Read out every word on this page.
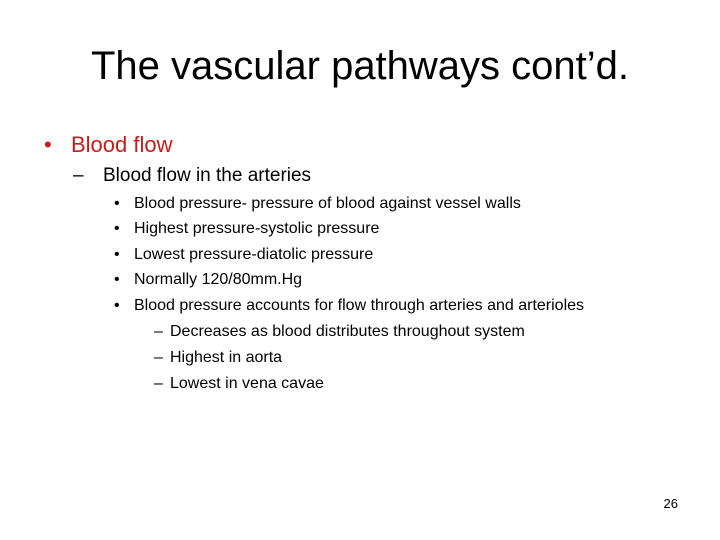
The vascular pathways cont’d.
• Blood flow
– Blood flow in the arteries
• Blood pressure- pressure of blood against vessel walls
• Highest pressure-systolic pressure
• Lowest pressure-diatolic pressure
• Normally 120/80mm.Hg
• Blood pressure accounts for flow through arteries and arterioles
– Decreases as blood distributes throughout system
– Highest in aorta
– Lowest in vena cavae
26
